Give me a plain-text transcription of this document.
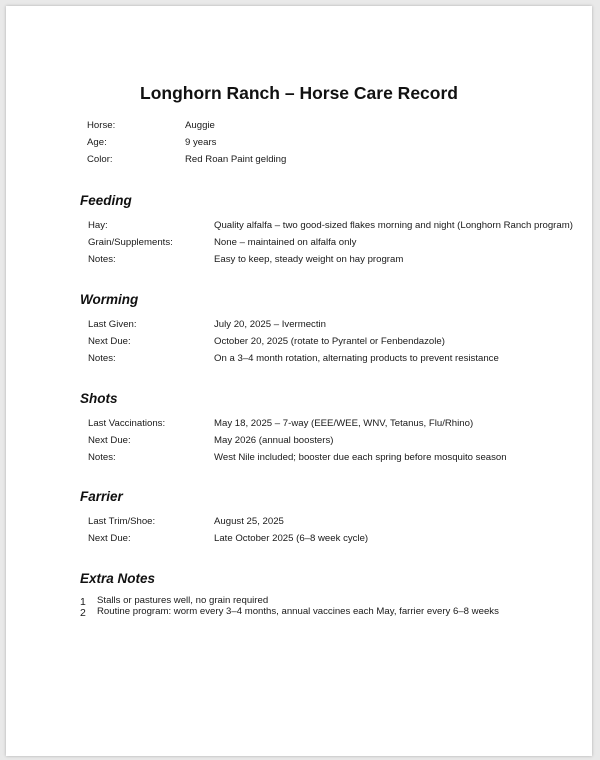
Longhorn Ranch – Horse Care Record
Horse:	Auggie
Age:	9 years
Color:	Red Roan Paint gelding
Feeding
Hay:	Quality alfalfa – two good-sized flakes morning and night (Longhorn Ranch program)
Grain/Supplements:	None – maintained on alfalfa only
Notes:	Easy to keep, steady weight on hay program
Worming
Last Given:	July 20, 2025 – Ivermectin
Next Due:	October 20, 2025 (rotate to Pyrantel or Fenbendazole)
Notes:	On a 3–4 month rotation, alternating products to prevent resistance
Shots
Last Vaccinations:	May 18, 2025 – 7-way (EEE/WEE, WNV, Tetanus, Flu/Rhino)
Next Due:	May 2026 (annual boosters)
Notes:	West Nile included; booster due each spring before mosquito season
Farrier
Last Trim/Shoe:	August 25, 2025
Next Due:	Late October 2025 (6–8 week cycle)
Extra Notes
1 Stalls or pastures well, no grain required
2 Routine program: worm every 3–4 months, annual vaccines each May, farrier every 6–8 weeks
